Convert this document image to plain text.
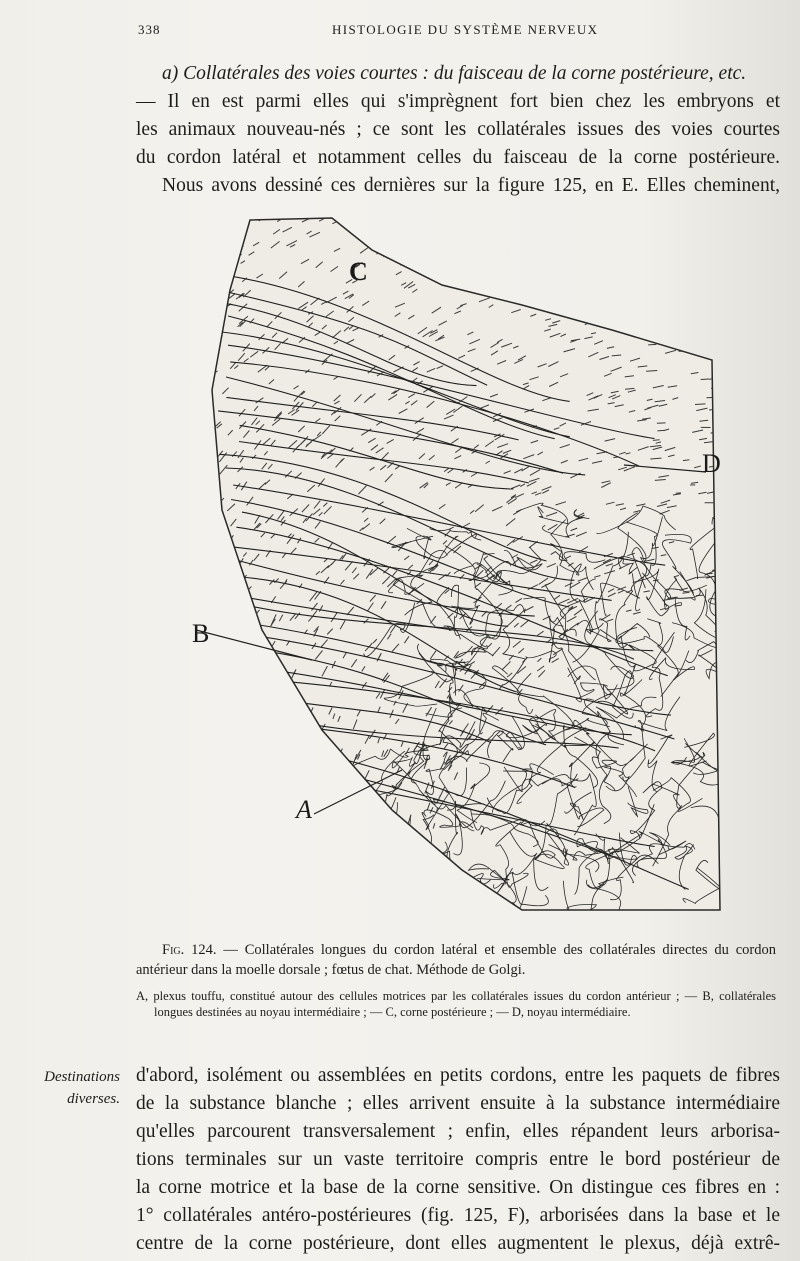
338	HISTOLOGIE DU SYSTÈME NERVEUX

a) Collatérales des voies courtes : du faisceau de la corne postérieure, etc.

— Il en est parmi elles qui s'imprègnent fort bien chez les embryons et
les animaux nouveau-nés ; ce sont les collatérales issues des voies courtes
du cordon latéral et notamment celles du faisceau de la corne postérieure.
Nous avons dessiné ces dernières sur la figure 125, en E. Elles cheminent,
C
B
A
D

Fig. 124. — Collatérales longues du cordon latéral et ensemble des collatérales directes du cordon antérieur dans la moelle dorsale ; fœtus de chat. Méthode de Golgi.

A, plexus touffu, constitué autour des cellules motrices par les collatérales issues du cordon antérieur ; — B, collatérales longues destinées au noyau intermédiaire ; — C, corne postérieure ; — D, noyau intermédiaire.

Destinations
diverses.
d'abord, isolément ou assemblées en petits cordons, entre les paquets de fibres
de la substance blanche ; elles arrivent ensuite à la substance intermédiaire
qu'elles parcourent transversalement ; enfin, elles répandent leurs arborisa-
tions terminales sur un vaste territoire compris entre le bord postérieur de
la corne motrice et la base de la corne sensitive. On distingue ces fibres en :
1° collatérales antéro-postérieures (fig. 125, F), arborisées dans la base et le
centre de la corne postérieure, dont elles augmentent le plexus, déjà extrê-
